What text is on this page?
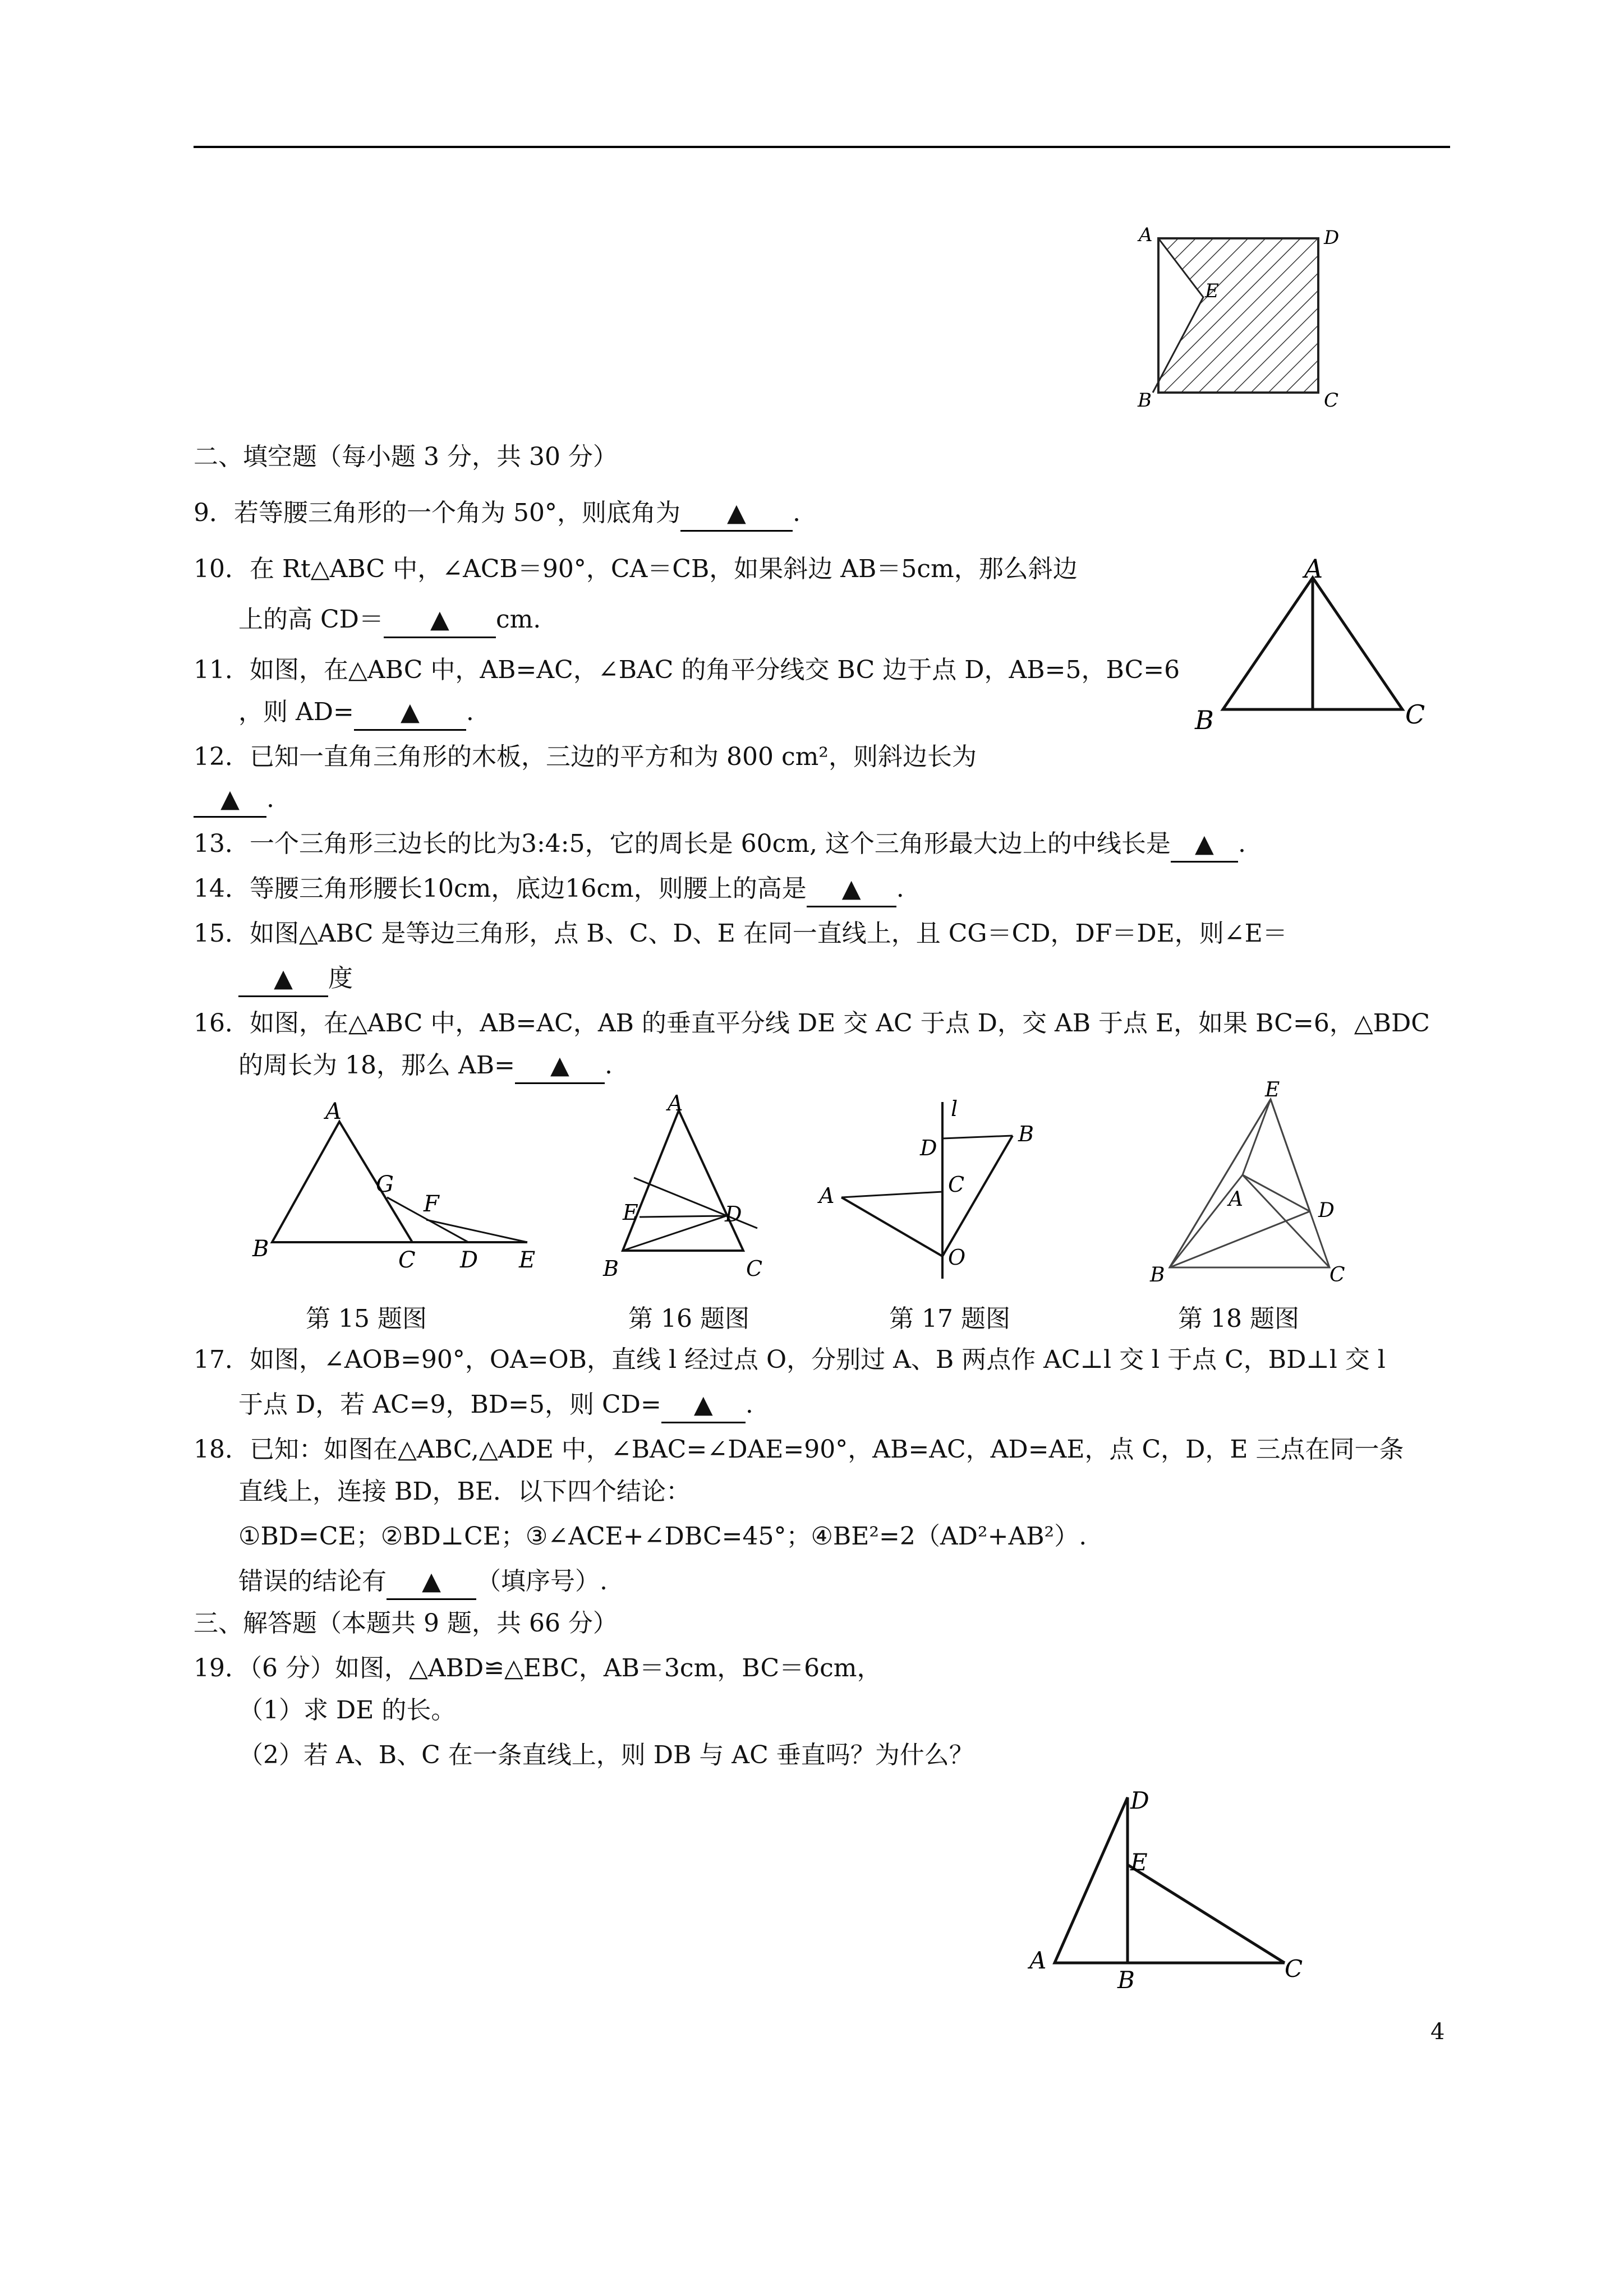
A	D
E
B	C
二、填空题（每小题 3 分，共 30 分）
9．若等腰三角形的一个角为 50°，则底角为 ▲ .
10．在 Rt△ABC 中，∠ACB＝90°，CA＝CB，如果斜边 AB＝5cm，那么斜边
上的高 CD＝ ▲ cm.
A
B	C
11．如图，在△ABC 中，AB=AC，∠BAC 的角平分线交 BC 边于点 D，AB=5，BC=6
，则 AD= ▲ .
12．已知一直角三角形的木板，三边的平方和为 800 cm²，则斜边长为
▲ .
13．一个三角形三边长的比为3:4:5，它的周长是 60cm, 这个三角形最大边上的中线长是 ▲ .
14．等腰三角形腰长10cm，底边16cm，则腰上的高是 ▲ .
15．如图△ABC 是等边三角形，点 B、C、D、E 在同一直线上，且 CG＝CD，DF＝DE，则∠E＝
▲ 度
16．如图，在△ABC 中，AB=AC，AB 的垂直平分线 DE 交 AC 于点 D，交 AB 于点 E，如果 BC=6，△BDC
的周长为 18，那么 AB= ▲ .
A
G
F
B	C D E
A
E	D
B	C
l
D
B
A	C
O
E
A	D
B	C
第 15 题图	第 16 题图	第 17 题图	第 18 题图
17．如图，∠AOB=90°，OA=OB，直线 l 经过点 O，分别过 A、B 两点作 AC⊥l 交 l 于点 C，BD⊥l 交 l
于点 D，若 AC=9，BD=5，则 CD= ▲ .
18．已知：如图在△ABC,△ADE 中，∠BAC=∠DAE=90°，AB=AC，AD=AE，点 C，D，E 三点在同一条
直线上，连接 BD，BE．以下四个结论：
①BD=CE；②BD⊥CE；③∠ACE+∠DBC=45°；④BE²=2（AD²+AB²）.
错误的结论有 ▲ （填序号）.
三、解答题（本题共 9 题，共 66 分）
19．（6 分）如图，△ABD≌△EBC，AB＝3cm，BC＝6cm，
（1）求 DE 的长。
（2）若 A、B、C 在一条直线上，则 DB 与 AC 垂直吗？为什么？
D
E
A
B	C
4
